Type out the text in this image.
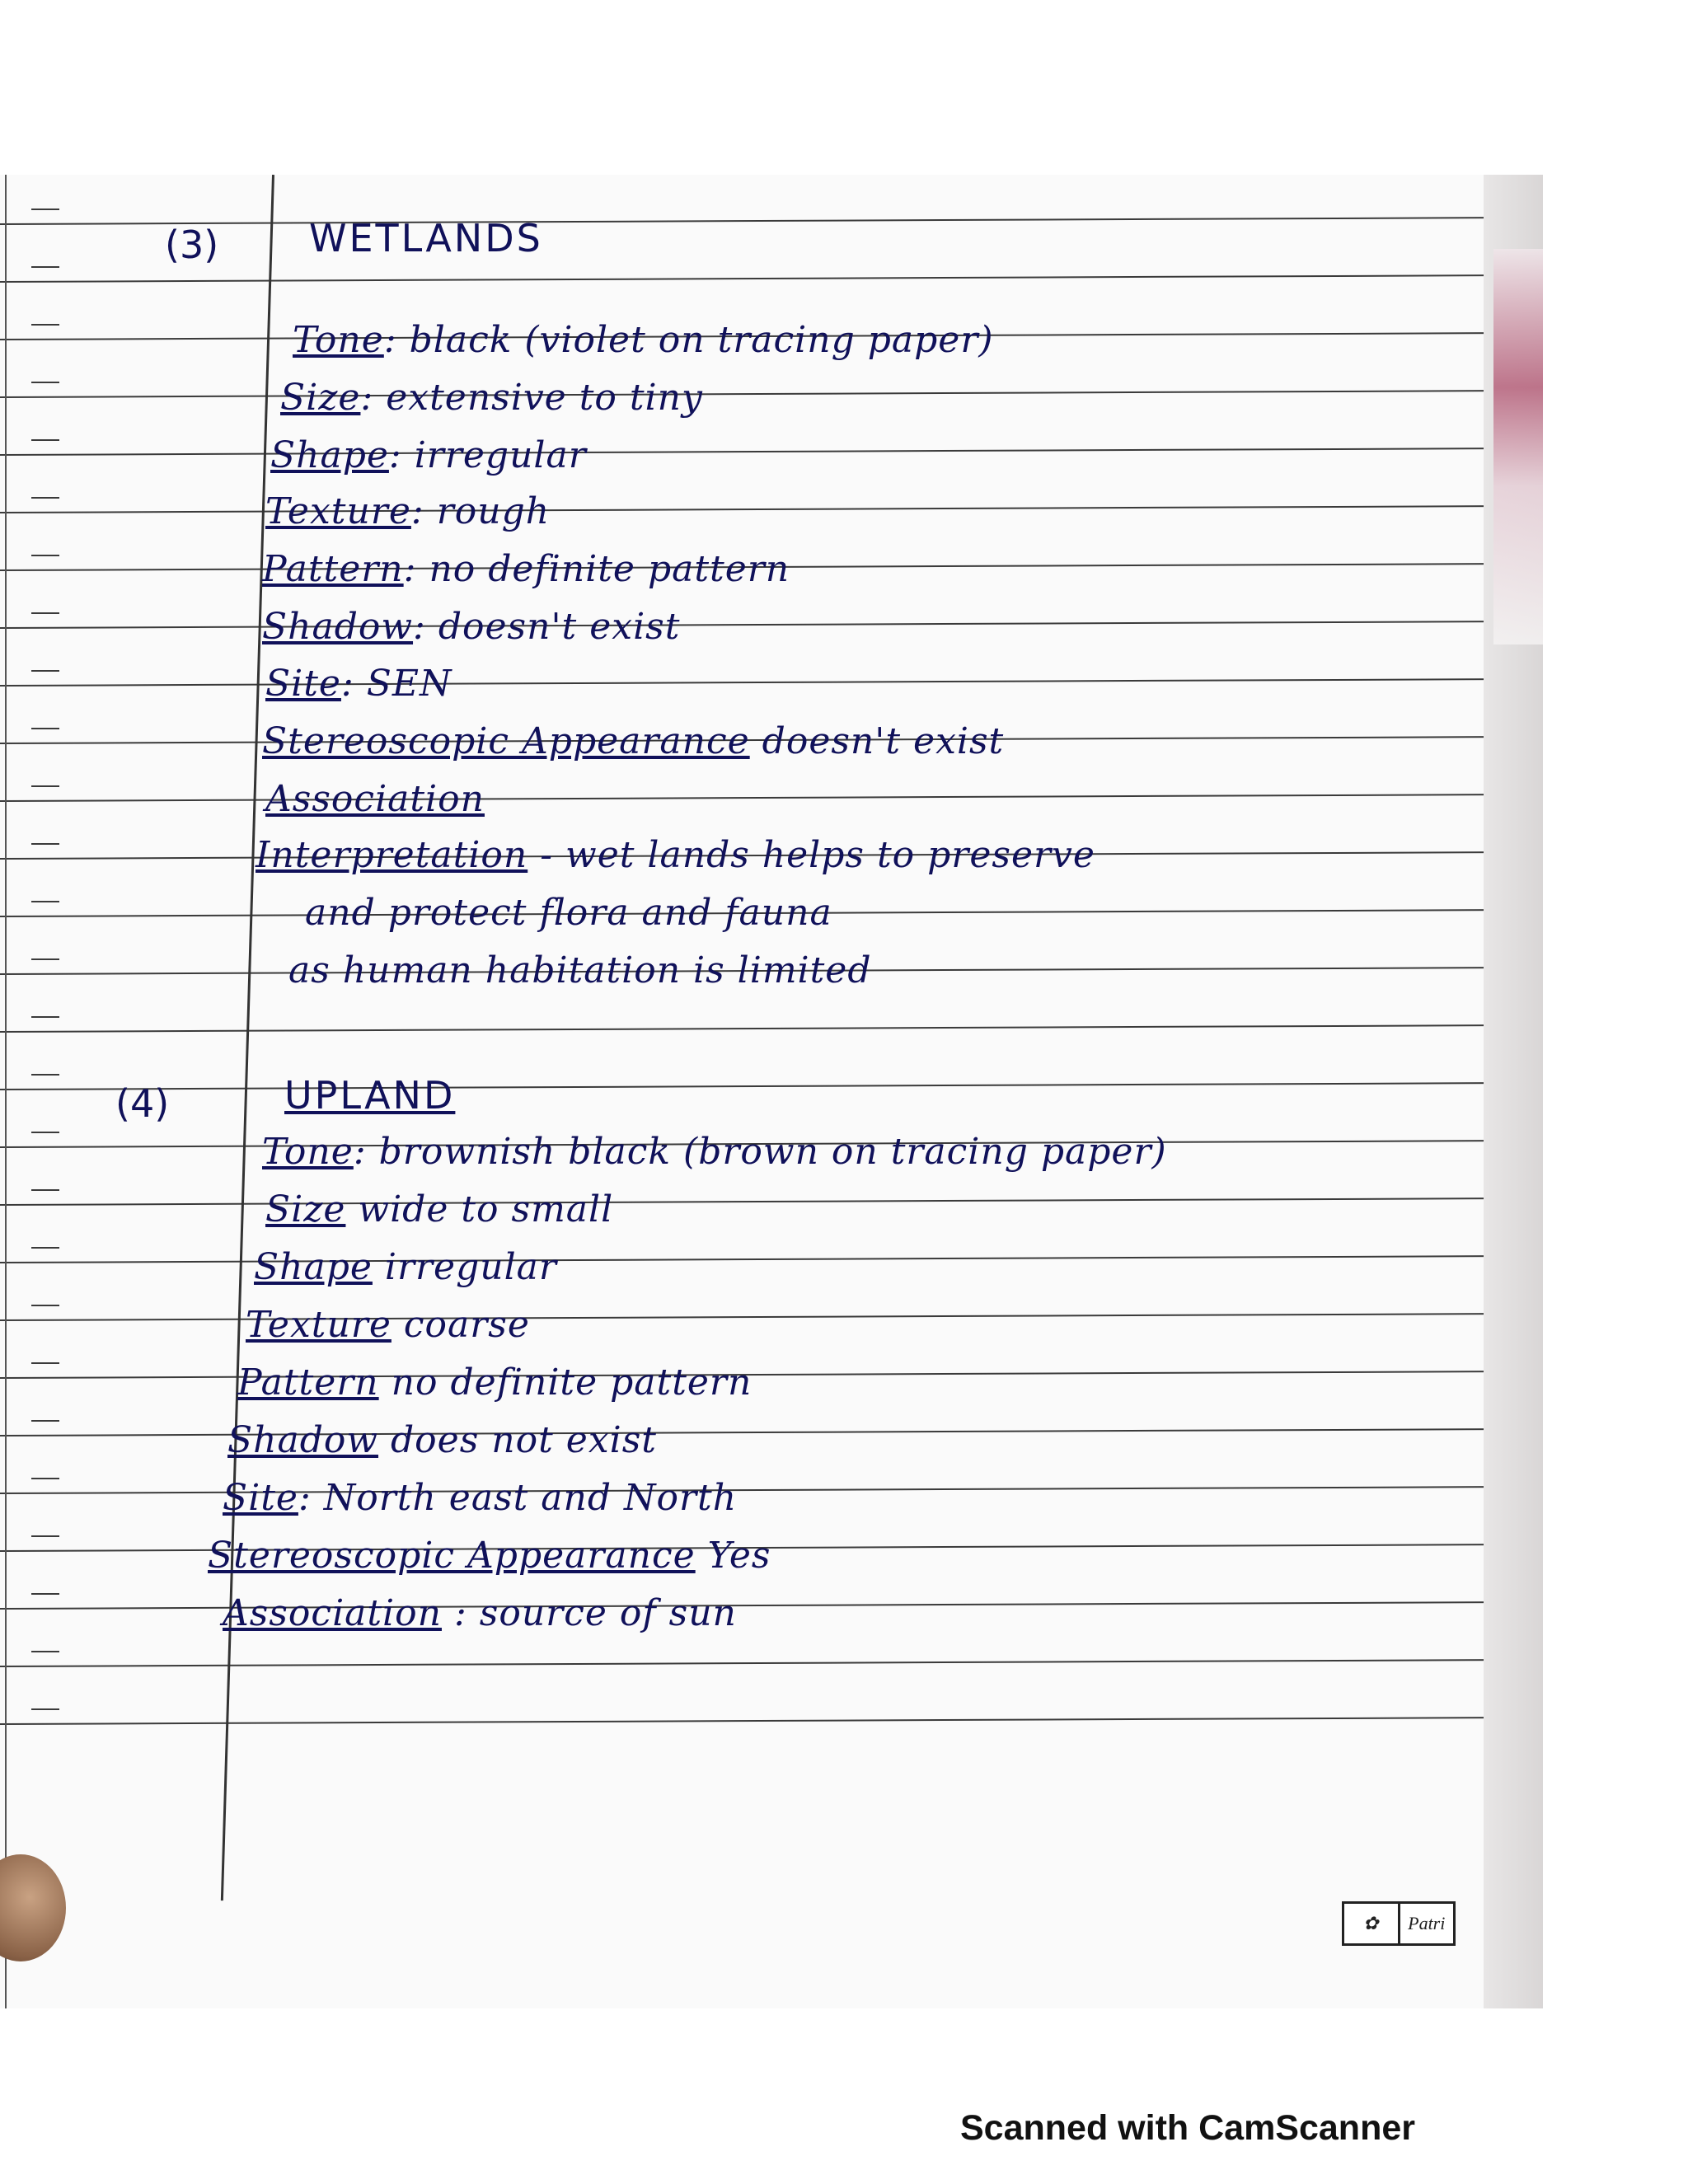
(3) WETLANDS
Tone: black (violet on tracing paper)
Size: extensive to tiny
Shape: irregular
Texture: rough
Pattern: no definite pattern
Shadow: doesn't exist
Site: SEN
Stereoscopic Appearance doesn't exist
Association
Interpretation - wet lands helps to preserve
and protect flora and fauna
as human habitation is limited
(4)	UPLAND
Tone: brownish black (brown on tracing paper)
Size wide to small
Shape irregular
Texture coarse
Pattern no definite pattern
Shadow does not exist
Site: North east and North
Stereoscopic Appearance Yes
Association : source of sun
✿	Patri
Scanned with CamScanner
